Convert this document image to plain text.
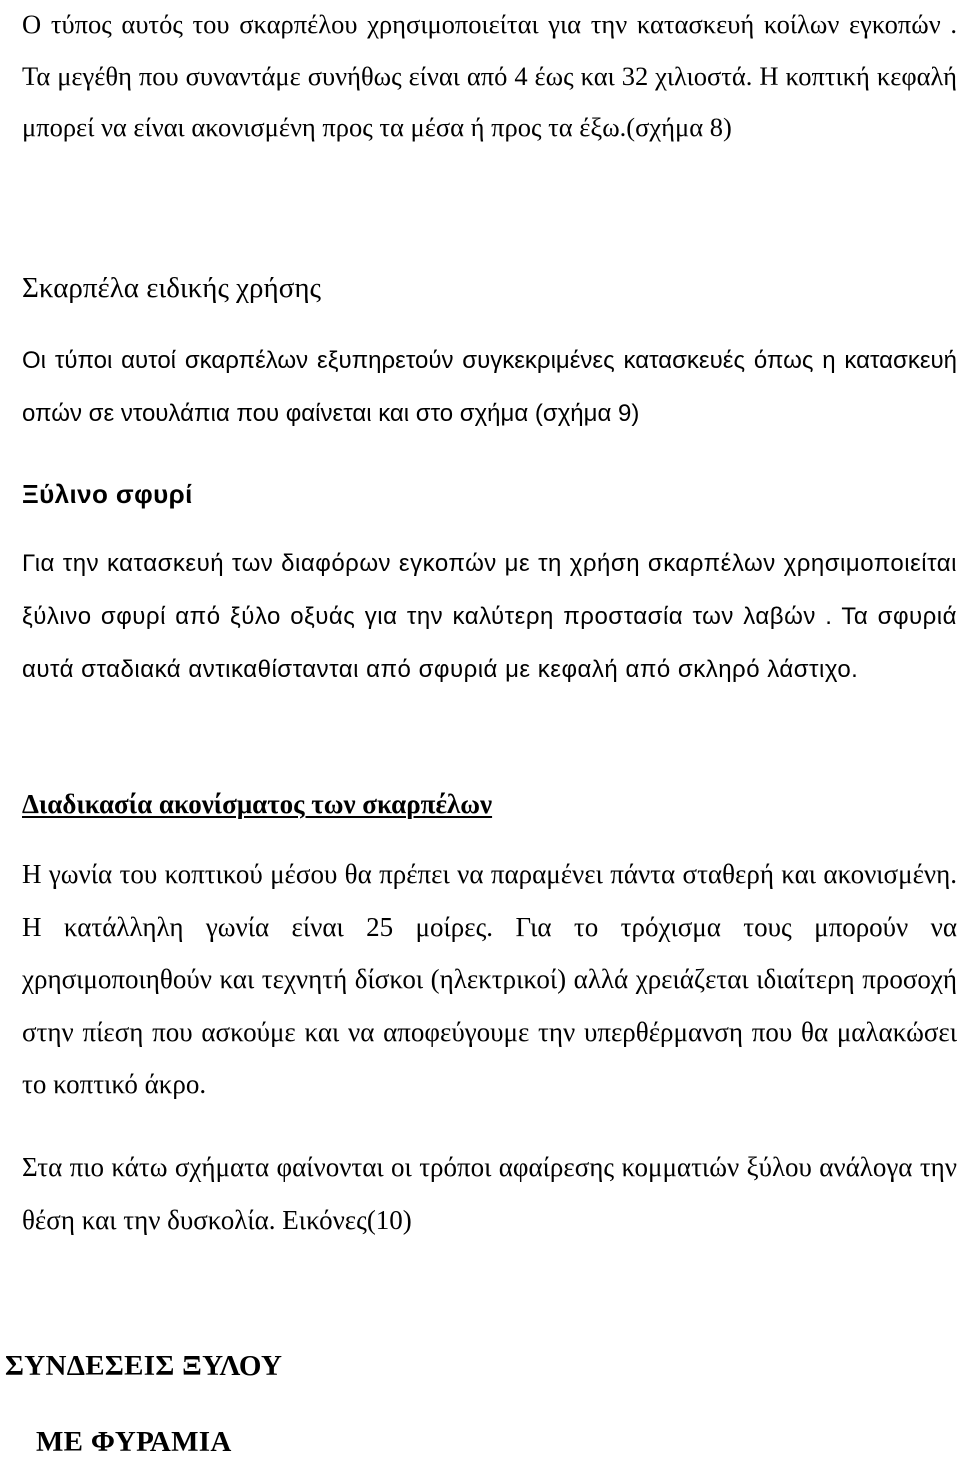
Ο τύπος αυτός του σκαρπέλου χρησιμοποιείται για την κατασκευή κοίλων εγκοπών . Τα μεγέθη που συναντάμε συνήθως είναι από 4 έως και 32 χιλιοστά. Η κοπτική κεφαλή μπορεί να είναι ακονισμένη προς τα μέσα ή προς τα έξω.(σχήμα 8)

Σκαρπέλα ειδικής χρήσης

Οι τύποι αυτοί σκαρπέλων εξυπηρετούν συγκεκριμένες κατασκευές όπως η κατασκευή οπών σε ντουλάπια που φαίνεται και στο σχήμα (σχήμα 9)

Ξύλινο σφυρί

Για την κατασκευή των διαφόρων εγκοπών με τη χρήση σκαρπέλων χρησιμοποιείται ξύλινο σφυρί από ξύλο οξυάς για την καλύτερη προστασία των λαβών . Τα σφυριά αυτά σταδιακά αντικαθίστανται από σφυριά με κεφαλή από σκληρό λάστιχο.

Διαδικασία ακονίσματος των σκαρπέλων

Η γωνία του κοπτικού μέσου θα πρέπει να παραμένει πάντα σταθερή και ακονισμένη. Η κατάλληλη γωνία είναι 25 μοίρες. Για το τρόχισμα τους μπορούν να χρησιμοποιηθούν και τεχνητή δίσκοι (ηλεκτρικοί) αλλά χρειάζεται ιδιαίτερη προσοχή στην πίεση που ασκούμε και να αποφεύγουμε την υπερθέρμανση που θα μαλακώσει το κοπτικό άκρο.

Στα πιο κάτω σχήματα φαίνονται οι τρόποι αφαίρεσης κομματιών ξύλου ανάλογα την θέση και την δυσκολία. Εικόνες(10)

ΣΥΝΔΕΣΕΙΣ ΞΥΛΟΥ
ΜΕ ΦΥΡΑΜΙΑ
